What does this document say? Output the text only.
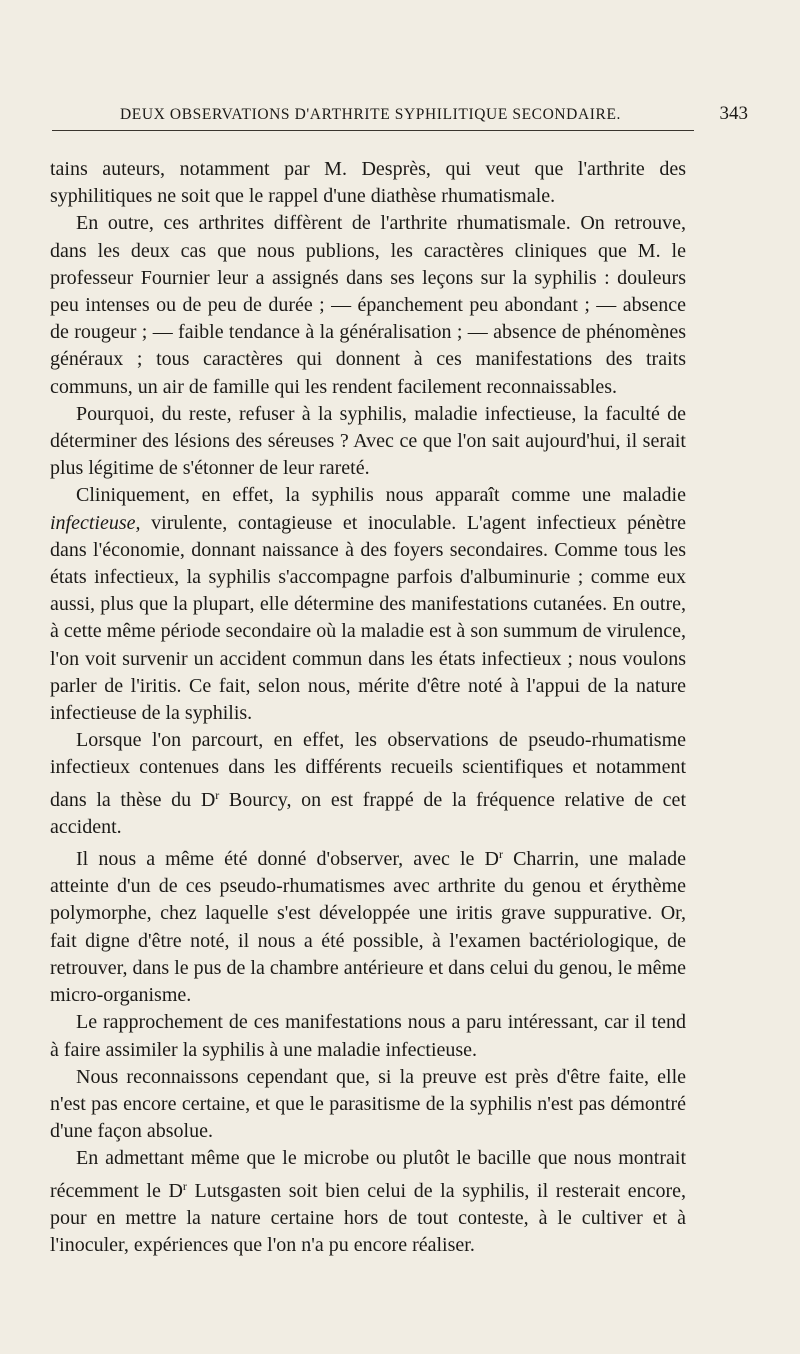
DEUX OBSERVATIONS D'ARTHRITE SYPHILITIQUE SECONDAIRE.	343

tains auteurs, notamment par M. Desprès, qui veut que l'arthrite des syphilitiques ne soit que le rappel d'une diathèse rhumatismale.

En outre, ces arthrites diffèrent de l'arthrite rhumatismale. On retrouve, dans les deux cas que nous publions, les caractères cliniques que M. le professeur Fournier leur a assignés dans ses leçons sur la syphilis : douleurs peu intenses ou de peu de durée ; — épanchement peu abondant ; — absence de rougeur ; — faible tendance à la généralisation ; — absence de phénomènes généraux ; tous caractères qui donnent à ces manifestations des traits communs, un air de famille qui les rendent facilement reconnaissables.

Pourquoi, du reste, refuser à la syphilis, maladie infectieuse, la faculté de déterminer des lésions des séreuses ? Avec ce que l'on sait aujourd'hui, il serait plus légitime de s'étonner de leur rareté.

Cliniquement, en effet, la syphilis nous apparaît comme une maladie infectieuse, virulente, contagieuse et inoculable. L'agent infectieux pénètre dans l'économie, donnant naissance à des foyers secondaires. Comme tous les états infectieux, la syphilis s'accompagne parfois d'albuminurie ; comme eux aussi, plus que la plupart, elle détermine des manifestations cutanées. En outre, à cette même période secondaire où la maladie est à son summum de virulence, l'on voit survenir un accident commun dans les états infectieux ; nous voulons parler de l'iritis. Ce fait, selon nous, mérite d'être noté à l'appui de la nature infectieuse de la syphilis.

Lorsque l'on parcourt, en effet, les observations de pseudo-rhumatisme infectieux contenues dans les différents recueils scientifiques et notamment dans la thèse du $D^r$ Bourcy, on est frappé de la fréquence relative de cet accident.

Il nous a même été donné d'observer, avec le $D^r$ Charrin, une malade atteinte d'un de ces pseudo-rhumatismes avec arthrite du genou et érythème polymorphe, chez laquelle s'est développée une iritis grave suppurative. Or, fait digne d'être noté, il nous a été possible, à l'examen bactériologique, de retrouver, dans le pus de la chambre antérieure et dans celui du genou, le même micro-organisme.

Le rapprochement de ces manifestations nous a paru intéressant, car il tend à faire assimiler la syphilis à une maladie infectieuse.

Nous reconnaissons cependant que, si la preuve est près d'être faite, elle n'est pas encore certaine, et que le parasitisme de la syphilis n'est pas démontré d'une façon absolue.

En admettant même que le microbe ou plutôt le bacille que nous montrait récemment le $D^r$ Lutsgasten soit bien celui de la syphilis, il resterait encore, pour en mettre la nature certaine hors de tout conteste, à le cultiver et à l'inoculer, expériences que l'on n'a pu encore réaliser.
